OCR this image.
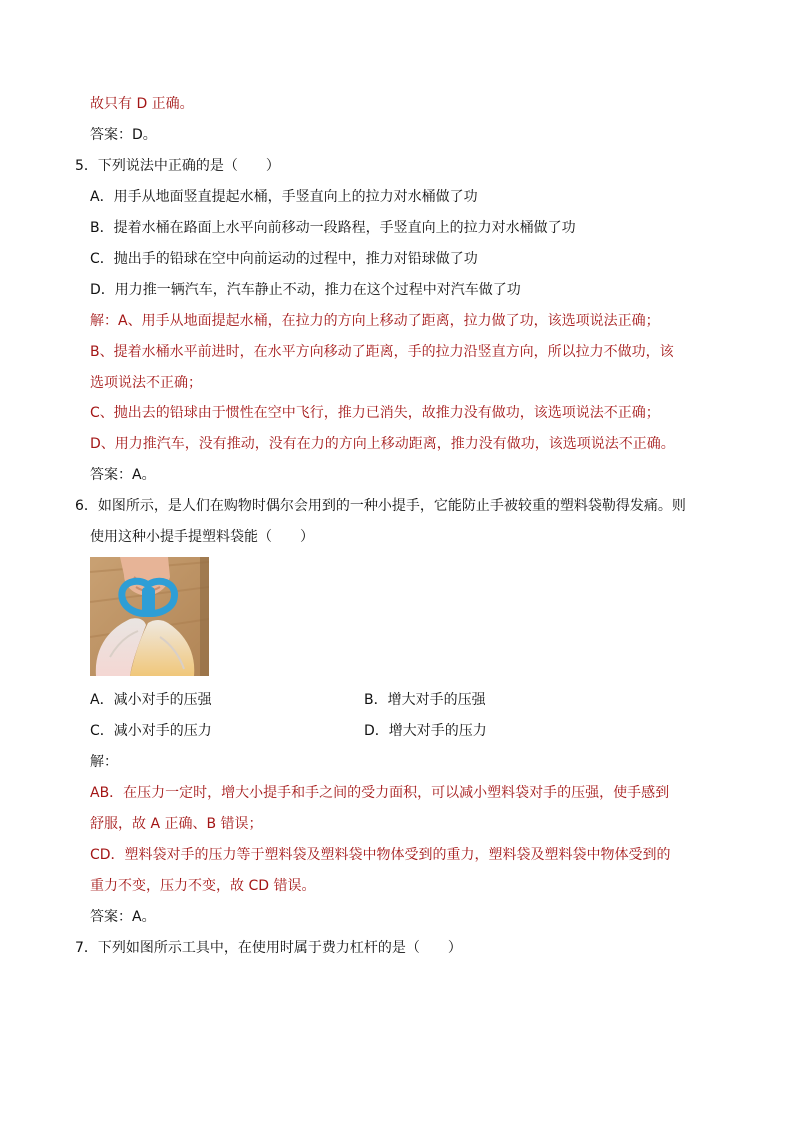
故只有 D 正确。
答案：D。
5．下列说法中正确的是（　　）
A．用手从地面竖直提起水桶，手竖直向上的拉力对水桶做了功
B．提着水桶在路面上水平向前移动一段路程，手竖直向上的拉力对水桶做了功
C．抛出手的铅球在空中向前运动的过程中，推力对铅球做了功
D．用力推一辆汽车，汽车静止不动，推力在这个过程中对汽车做了功
解：A、用手从地面提起水桶，在拉力的方向上移动了距离，拉力做了功，该选项说法正确；
B、提着水桶水平前进时，在水平方向移动了距离，手的拉力沿竖直方向，所以拉力不做功，该
选项说法不正确；
C、抛出去的铅球由于惯性在空中飞行，推力已消失，故推力没有做功，该选项说法不正确；
D、用力推汽车，没有推动，没有在力的方向上移动距离，推力没有做功，该选项说法不正确。
答案：A。
6．如图所示，是人们在购物时偶尔会用到的一种小提手，它能防止手被较重的塑料袋勒得发痛。则
使用这种小提手提塑料袋能（　　）
A．减小对手的压强	B．增大对手的压强
C．减小对手的压力	D．增大对手的压力
解：
AB．在压力一定时，增大小提手和手之间的受力面积，可以减小塑料袋对手的压强，使手感到
舒服，故 A 正确、B 错误；
CD．塑料袋对手的压力等于塑料袋及塑料袋中物体受到的重力，塑料袋及塑料袋中物体受到的
重力不变，压力不变，故 CD 错误。
答案：A。
7．下列如图所示工具中，在使用时属于费力杠杆的是（　　）
